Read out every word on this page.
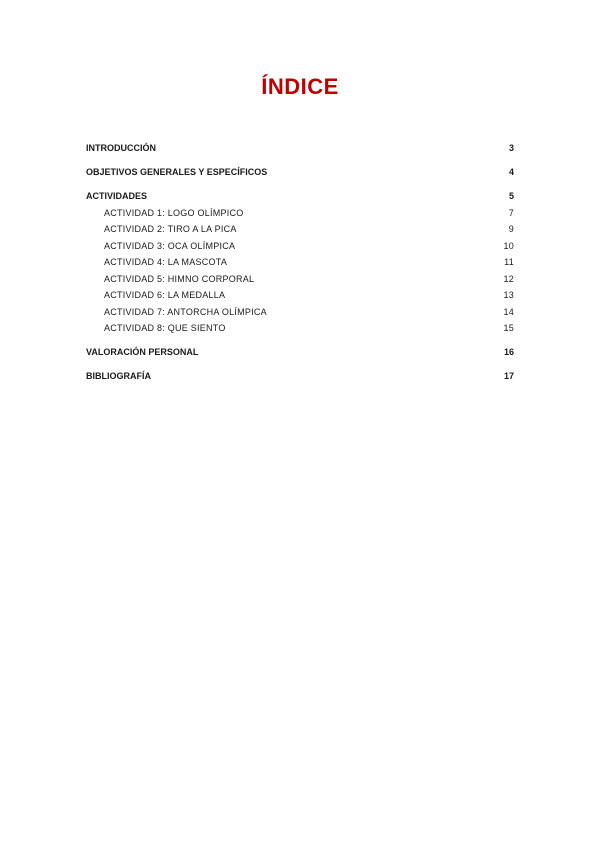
ÍNDICE
INTRODUCCIÓN	3
OBJETIVOS GENERALES Y ESPECÍFICOS	4
ACTIVIDADES	5
ACTIVIDAD 1: LOGO OLÍMPICO	7
ACTIVIDAD 2: TIRO A LA PICA	9
ACTIVIDAD 3: OCA OLÍMPICA	10
ACTIVIDAD 4: LA MASCOTA	11
ACTIVIDAD 5: HIMNO CORPORAL	12
ACTIVIDAD 6: LA MEDALLA	13
ACTIVIDAD 7: ANTORCHA OLÍMPICA	14
ACTIVIDAD 8: QUE SIENTO	15
VALORACIÓN PERSONAL	16
BIBLIOGRAFÍA	17
